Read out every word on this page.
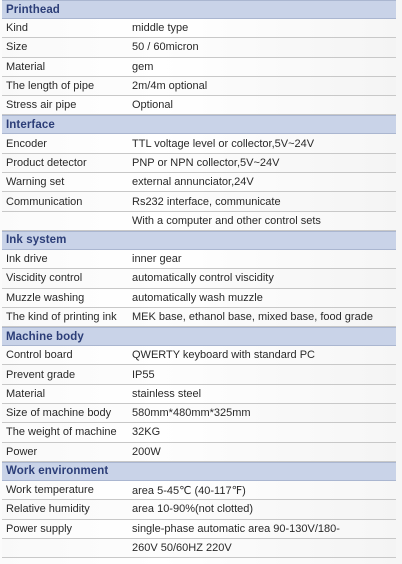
Printhead
Kind	middle type
Size	50 / 60micron
Material	gem
The length of pipe	2m/4m optional
Stress air pipe	Optional
Interface
Encoder	TTL voltage level or collector,5V~24V
Product detector	PNP or NPN collector,5V~24V
Warning set	external annunciator,24V
Communication	Rs232 interface, communicate
With a computer and other control sets
Ink system
Ink drive	inner gear
Viscidity control	automatically control viscidity
Muzzle washing	automatically wash muzzle
The kind of printing ink	MEK base, ethanol base, mixed base, food grade
Machine body
Control board	QWERTY keyboard with standard PC
Prevent grade	IP55
Material	stainless steel
Size of machine body	580mm*480mm*325mm
The weight of machine	32KG
Power	200W
Work environment
Work temperature	area 5-45℃ (40-117℉)
Relative humidity	area 10-90%(not clotted)
Power supply	single-phase automatic area 90-130V/180-
260V 50/60HZ 220V
